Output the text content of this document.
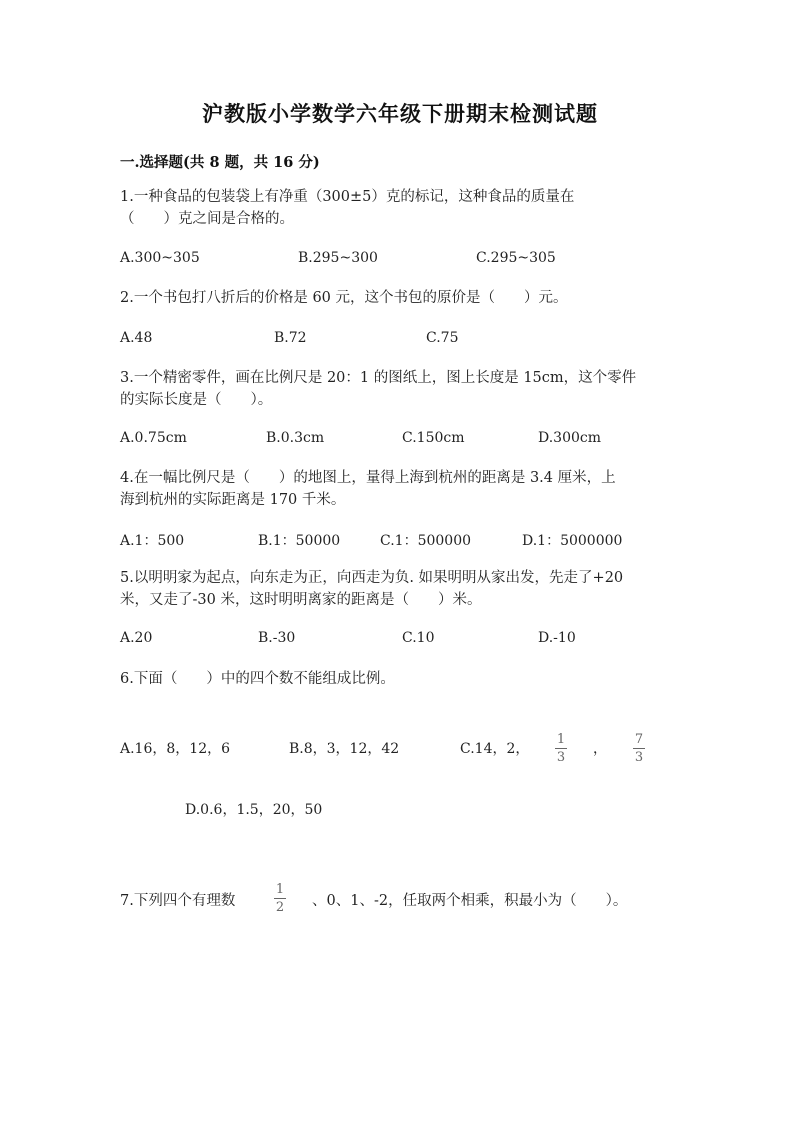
沪教版小学数学六年级下册期末检测试题
一.选择题(共 8 题，共 16 分)
1.一种食品的包装袋上有净重（300±5）克的标记，这种食品的质量在
（　　）克之间是合格的。
A.300~305	B.295~300	C.295~305
2.一个书包打八折后的价格是 60 元，这个书包的原价是（　　）元。
A.48	B.72	C.75
3.一个精密零件，画在比例尺是 20：1 的图纸上，图上长度是 15cm，这个零件
的实际长度是（　　）。
A.0.75cm	B.0.3cm	C.150cm	D.300cm
4.在一幅比例尺是（　　）的地图上，量得上海到杭州的距离是 3.4 厘米，上
海到杭州的实际距离是 170 千米。
A.1：500	B.1：50000	C.1：500000	D.1：5000000
5.以明明家为起点，向东走为正，向西走为负. 如果明明从家出发，先走了+20
米，又走了-30 米，这时明明离家的距离是（　　）米。
A.20	B.-30	C.10	D.-10
6.下面（　　）中的四个数不能组成比例。
A.16，8，12，6	B.8，3，12，42	C.14，2，
1
3
，
7
3
D.0.6，1.5，20，50
7.下列四个有理数
1
2 、0、1、-2，任取两个相乘，积最小为（　　）。
